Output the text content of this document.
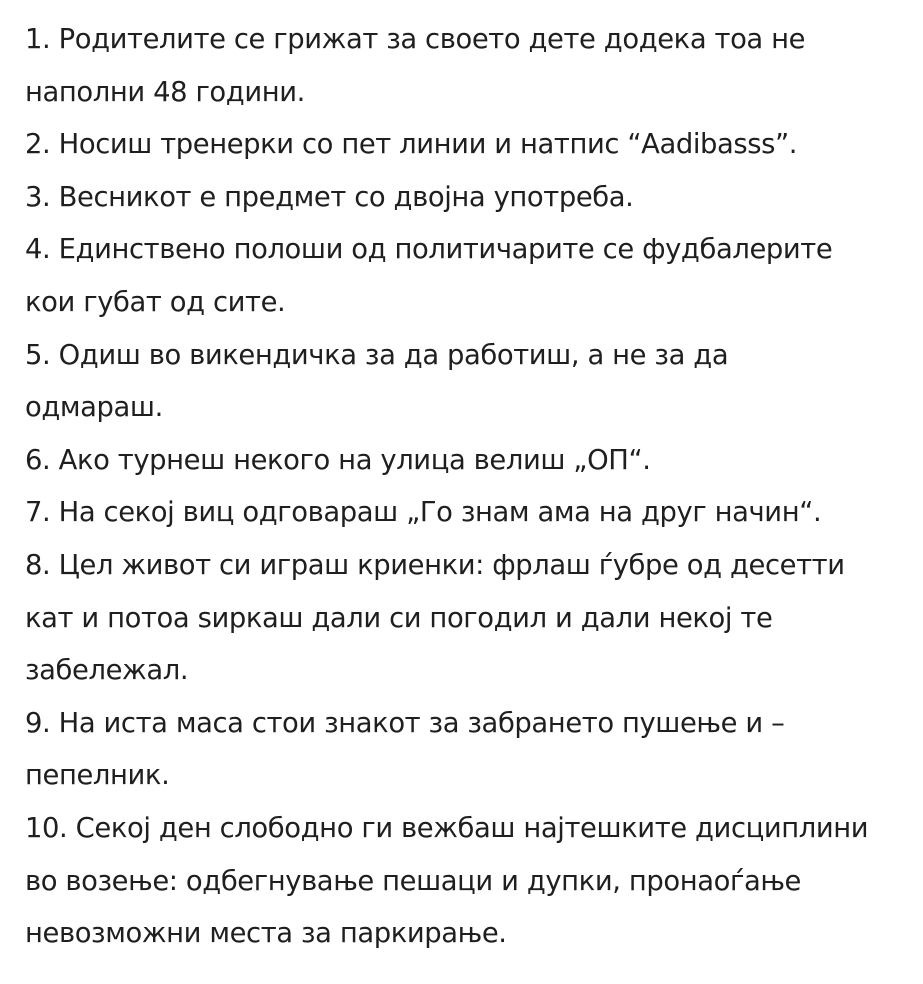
1. Родителите се грижат за своето дете додека тоа не
наполни 48 години.

2. Носиш тренерки со пет линии и натпис “Aadibasss”.

3. Весникот е предмет со двојна употреба.

4. Единствено полоши од политичарите се фудбалерите
кои губат од сите.

5. Одиш во викендичка за да работиш, а не за да
одмараш.

6. Ако турнеш некого на улица велиш „ОП“.

7. На секој виц одговараш „Го знам ама на друг начин“.

8. Цел живот си играш криенки: фрлаш ѓубре од десетти
кат и потоа ѕиркаш дали си погодил и дали некој те
забележал.

9. На иста маса стои знакот за забрането пушење и –
пепелник.

10. Секој ден слободно ги вежбаш најтешките дисциплини
во возење: одбегнување пешаци и дупки, пронаоѓање
невозможни места за паркирање.
